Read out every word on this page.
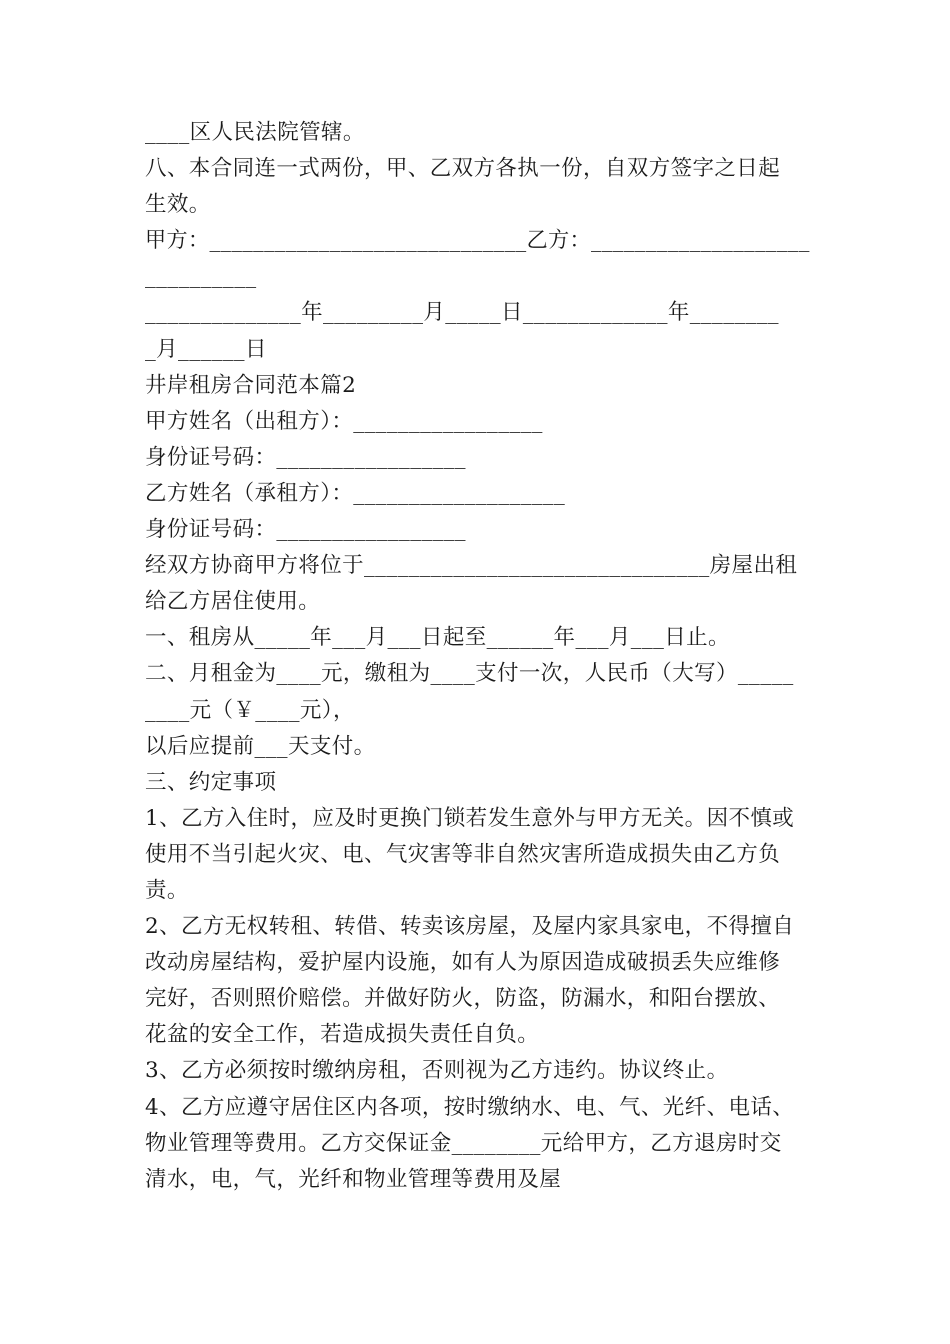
____区人民法院管辖。
八、本合同连一式两份，甲、乙双方各执一份，自双方签字之日起
生效。
甲方：_____________________________乙方：____________________
__________
______________年_________月_____日_____________年________
_月______日
井岸租房合同范本篇2
甲方姓名（出租方）：_________________
身份证号码：_________________
乙方姓名（承租方）：___________________
身份证号码：_________________
经双方协商甲方将位于_______________________________房屋出租
给乙方居住使用。
一、租房从_____年___月___日起至______年___月___日止。
二、月租金为____元，缴租为____支付一次，人民币（大写）_____
____元（￥____元），
以后应提前___天支付。
三、约定事项
1、乙方入住时，应及时更换门锁若发生意外与甲方无关。因不慎或
使用不当引起火灾、电、气灾害等非自然灾害所造成损失由乙方负
责。
2、乙方无权转租、转借、转卖该房屋，及屋内家具家电，不得擅自
改动房屋结构，爱护屋内设施，如有人为原因造成破损丢失应维修
完好，否则照价赔偿。并做好防火，防盗，防漏水，和阳台摆放、
花盆的安全工作，若造成损失责任自负。
3、乙方必须按时缴纳房租，否则视为乙方违约。协议终止。
4、乙方应遵守居住区内各项，按时缴纳水、电、气、光纤、电话、
物业管理等费用。乙方交保证金________元给甲方，乙方退房时交
清水，电，气，光纤和物业管理等费用及屋
